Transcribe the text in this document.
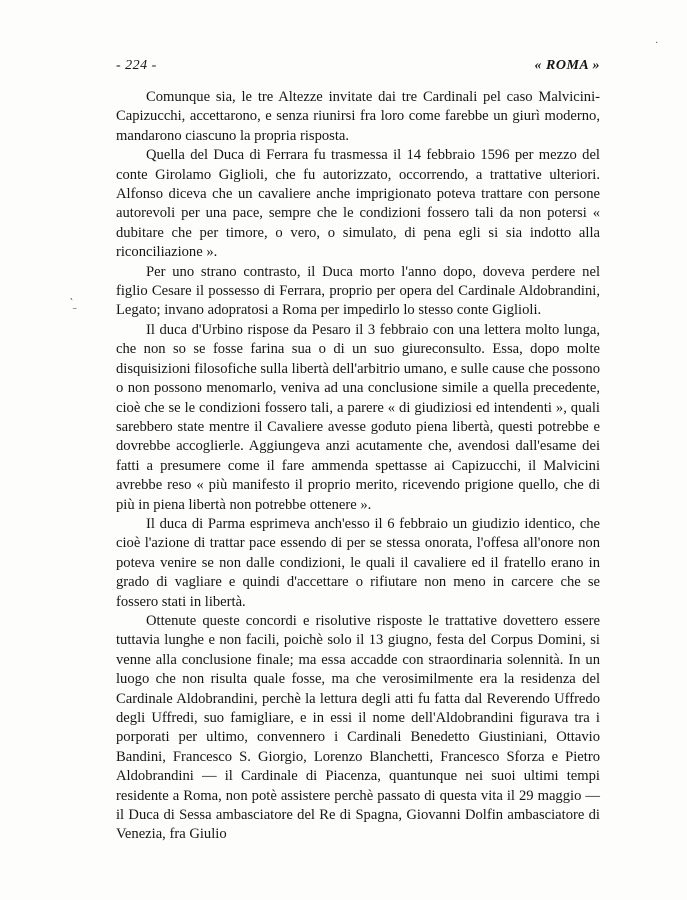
- 224 -	« ROMA »

Comunque sia, le tre Altezze invitate dai tre Cardinali pel caso Malvicini-Capizucchi, accettarono, e senza riunirsi fra loro come farebbe un giurì moderno, mandarono ciascuno la propria risposta.

Quella del Duca di Ferrara fu trasmessa il 14 febbraio 1596 per mezzo del conte Girolamo Giglioli, che fu autorizzato, occorrendo, a trattative ulteriori. Alfonso diceva che un cavaliere anche imprigionato poteva trattare con persone autorevoli per una pace, sempre che le condizioni fossero tali da non potersi « dubitare che per timore, o vero, o simulato, di pena egli si sia indotto alla riconciliazione ».

Per uno strano contrasto, il Duca morto l'anno dopo, doveva perdere nel figlio Cesare il possesso di Ferrara, proprio per opera del Cardinale Aldobrandini, Legato; invano adopratosi a Roma per impedirlo lo stesso conte Giglioli.

Il duca d'Urbino rispose da Pesaro il 3 febbraio con una lettera molto lunga, che non so se fosse farina sua o di un suo giureconsulto. Essa, dopo molte disquisizioni filosofiche sulla libertà dell'arbitrio umano, e sulle cause che possono o non possono menomarlo, veniva ad una conclusione simile a quella precedente, cioè che se le condizioni fossero tali, a parere « di giudiziosi ed intendenti », quali sarebbero state mentre il Cavaliere avesse goduto piena libertà, questi potrebbe e dovrebbe accoglierle. Aggiungeva anzi acutamente che, avendosi dall'esame dei fatti a presumere come il fare ammenda spettasse ai Capizucchi, il Malvicini avrebbe reso « più manifesto il proprio merito, ricevendo prigione quello, che di più in piena libertà non potrebbe ottenere ».

Il duca di Parma esprimeva anch'esso il 6 febbraio un giudizio identico, che cioè l'azione di trattar pace essendo di per se stessa onorata, l'offesa all'onore non poteva venire se non dalle condizioni, le quali il cavaliere ed il fratello erano in grado di vagliare e quindi d'accettare o rifiutare non meno in carcere che se fossero stati in libertà.

Ottenute queste concordi e risolutive risposte le trattative dovettero essere tuttavia lunghe e non facili, poichè solo il 13 giugno, festa del Corpus Domini, si venne alla conclusione finale; ma essa accadde con straordinaria solennità. In un luogo che non risulta quale fosse, ma che verosimilmente era la residenza del Cardinale Aldobrandini, perchè la lettura degli atti fu fatta dal Reverendo Uffredo degli Uffredi, suo famigliare, e in essi il nome dell'Aldobrandini figurava tra i porporati per ultimo, convennero i Cardinali Benedetto Giustiniani, Ottavio Bandini, Francesco S. Giorgio, Lorenzo Blanchetti, Francesco Sforza e Pietro Aldobrandini — il Cardinale di Piacenza, quantunque nei suoi ultimi tempi residente a Roma, non potè assistere perchè passato di questa vita il 29 maggio — il Duca di Sessa ambasciatore del Re di Spagna, Giovanni Dolfin ambasciatore di Venezia, fra Giulio

‵ˍ
·
